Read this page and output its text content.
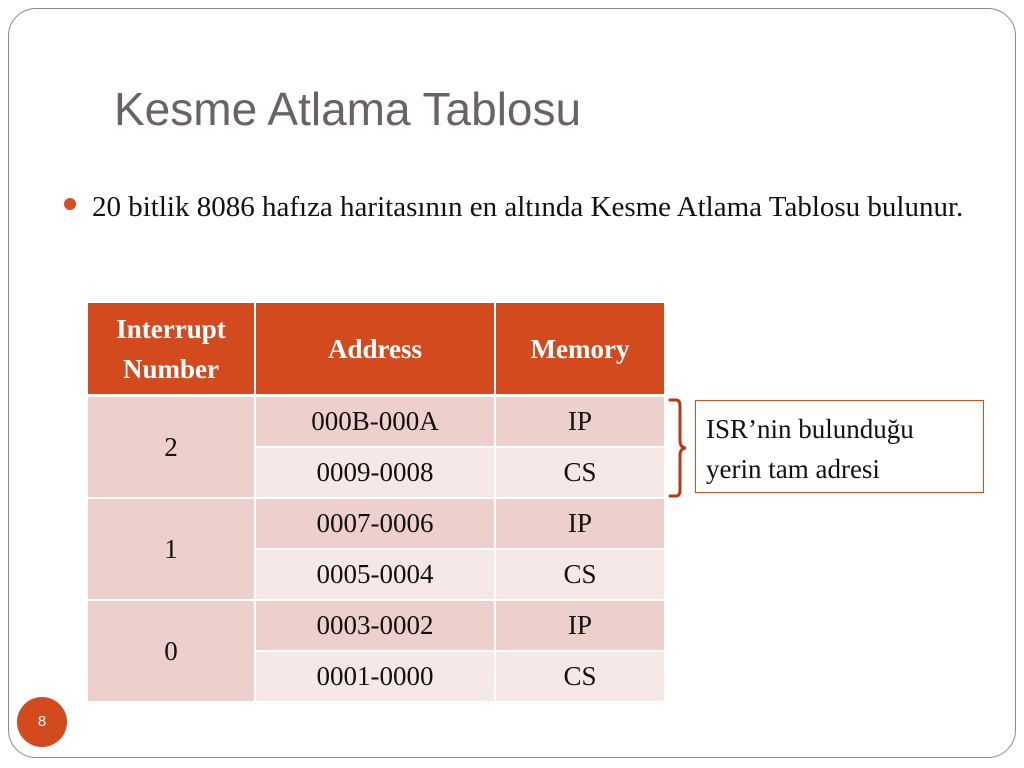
Kesme Atlama Tablosu
20 bitlik 8086 hafıza haritasının en altında Kesme Atlama Tablosu bulunur.
Interrupt Number	Address	Memory
2	000B-000A	IP
	0009-0008	CS
1	0007-0006	IP
	0005-0004	CS
0	0003-0002	IP
	0001-0000	CS
ISR’nin bulunduğu yerin tam adresi
8
